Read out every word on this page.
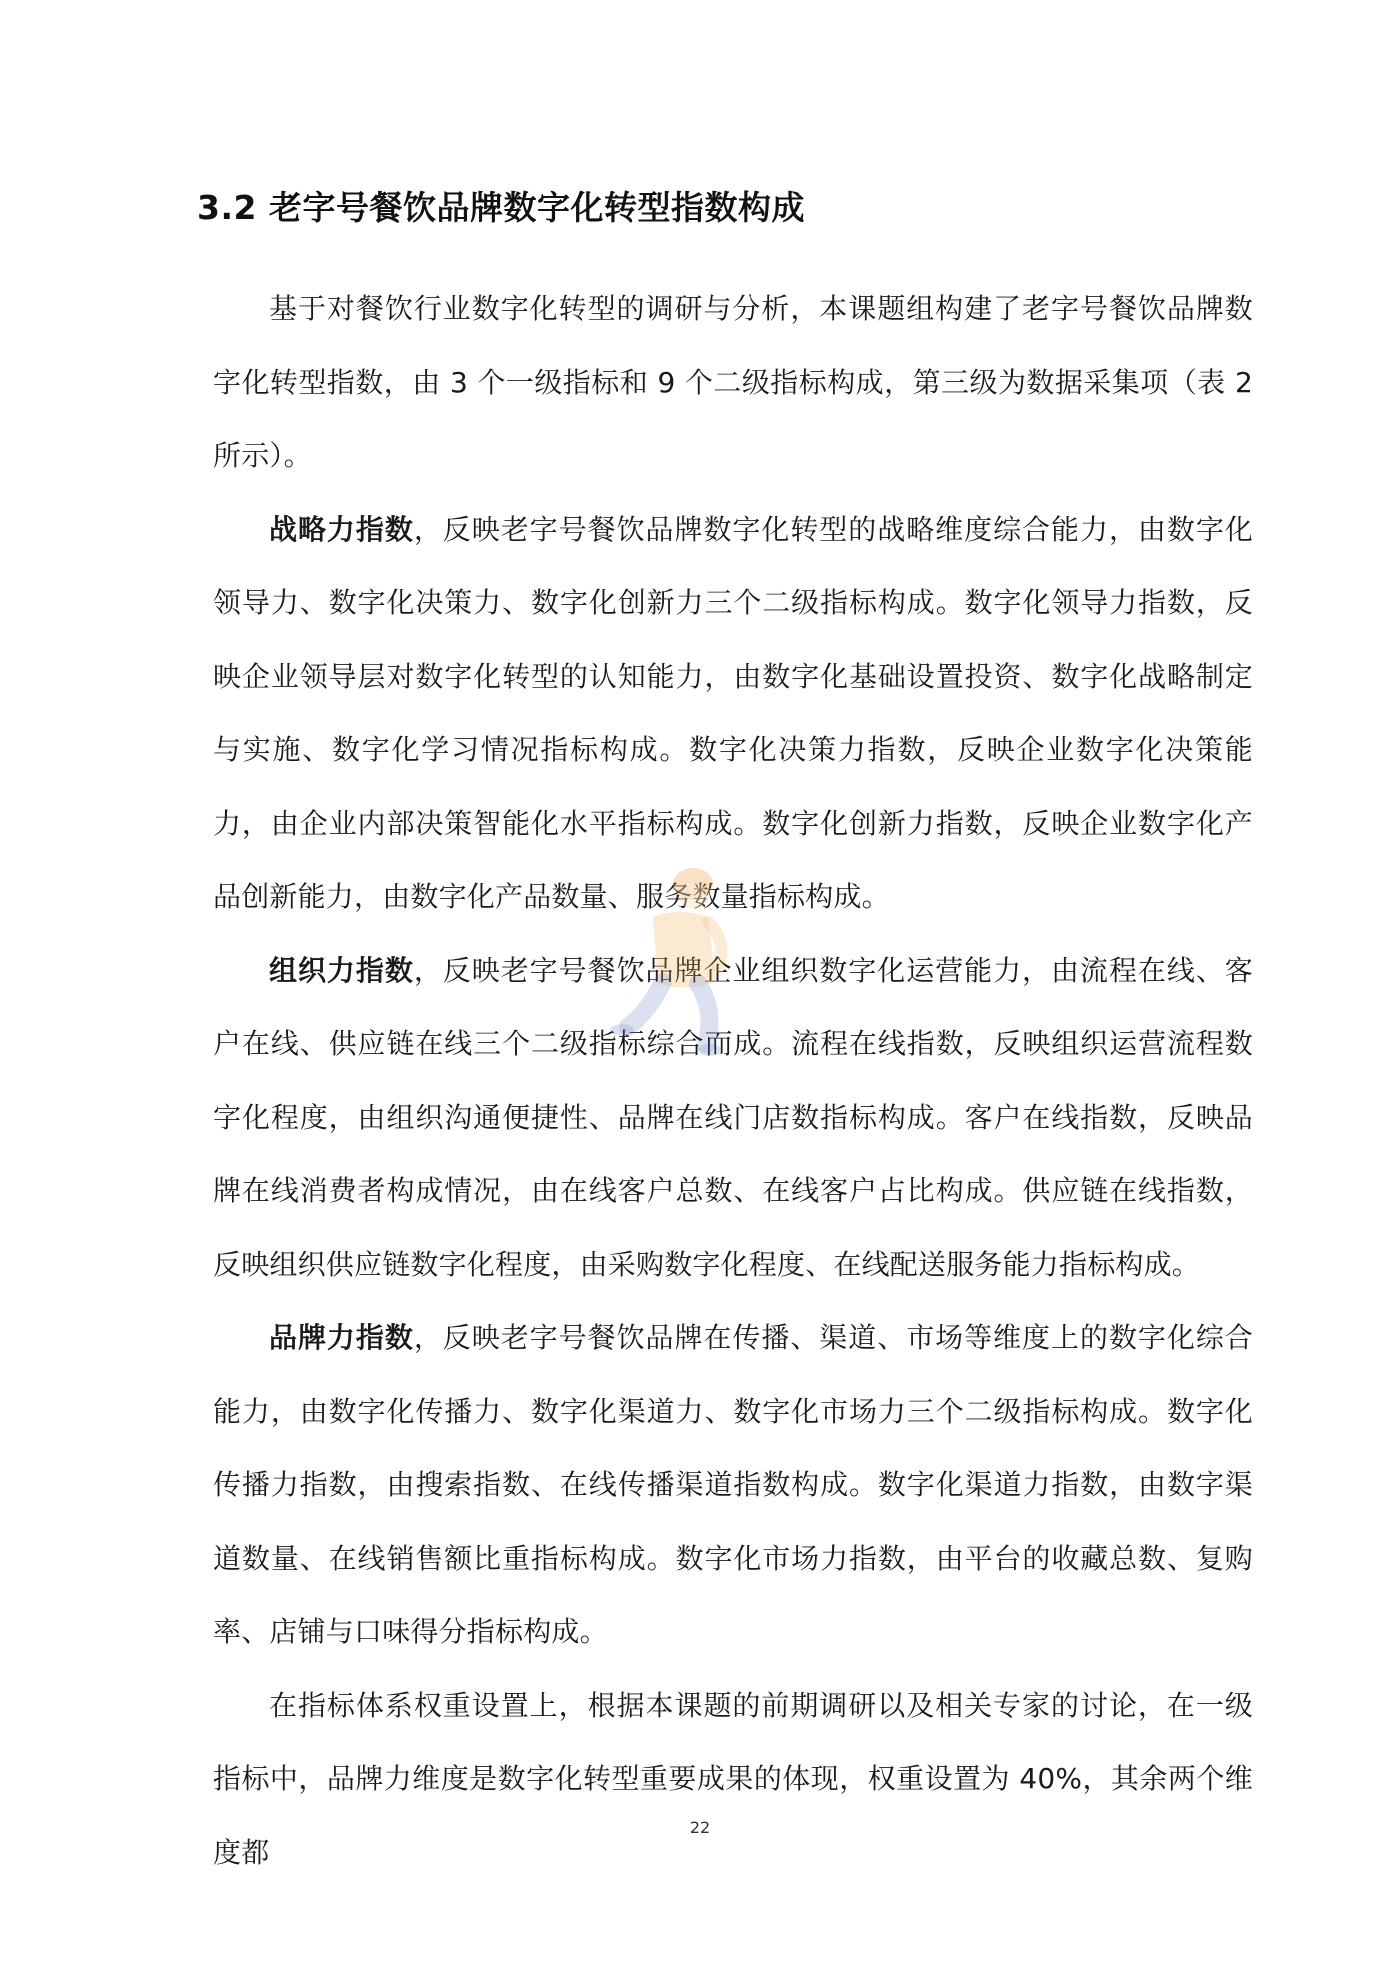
3.2 老字号餐饮品牌数字化转型指数构成

基于对餐饮行业数字化转型的调研与分析，本课题组构建了老字号餐饮品牌数字化转型指数，由 3 个一级指标和 9 个二级指标构成，第三级为数据采集项（表 2 所示）。

战略力指数，反映老字号餐饮品牌数字化转型的战略维度综合能力，由数字化领导力、数字化决策力、数字化创新力三个二级指标构成。数字化领导力指数，反映企业领导层对数字化转型的认知能力，由数字化基础设置投资、数字化战略制定与实施、数字化学习情况指标构成。数字化决策力指数，反映企业数字化决策能力，由企业内部决策智能化水平指标构成。数字化创新力指数，反映企业数字化产品创新能力，由数字化产品数量、服务数量指标构成。

组织力指数，反映老字号餐饮品牌企业组织数字化运营能力，由流程在线、客户在线、供应链在线三个二级指标综合而成。流程在线指数，反映组织运营流程数字化程度，由组织沟通便捷性、品牌在线门店数指标构成。客户在线指数，反映品牌在线消费者构成情况，由在线客户总数、在线客户占比构成。供应链在线指数，反映组织供应链数字化程度，由采购数字化程度、在线配送服务能力指标构成。

品牌力指数，反映老字号餐饮品牌在传播、渠道、市场等维度上的数字化综合能力，由数字化传播力、数字化渠道力、数字化市场力三个二级指标构成。数字化传播力指数，由搜索指数、在线传播渠道指数构成。数字化渠道力指数，由数字渠道数量、在线销售额比重指标构成。数字化市场力指数，由平台的收藏总数、复购率、店铺与口味得分指标构成。

在指标体系权重设置上，根据本课题的前期调研以及相关专家的讨论，在一级指标中，品牌力维度是数字化转型重要成果的体现，权重设置为 40%，其余两个维度都

22
